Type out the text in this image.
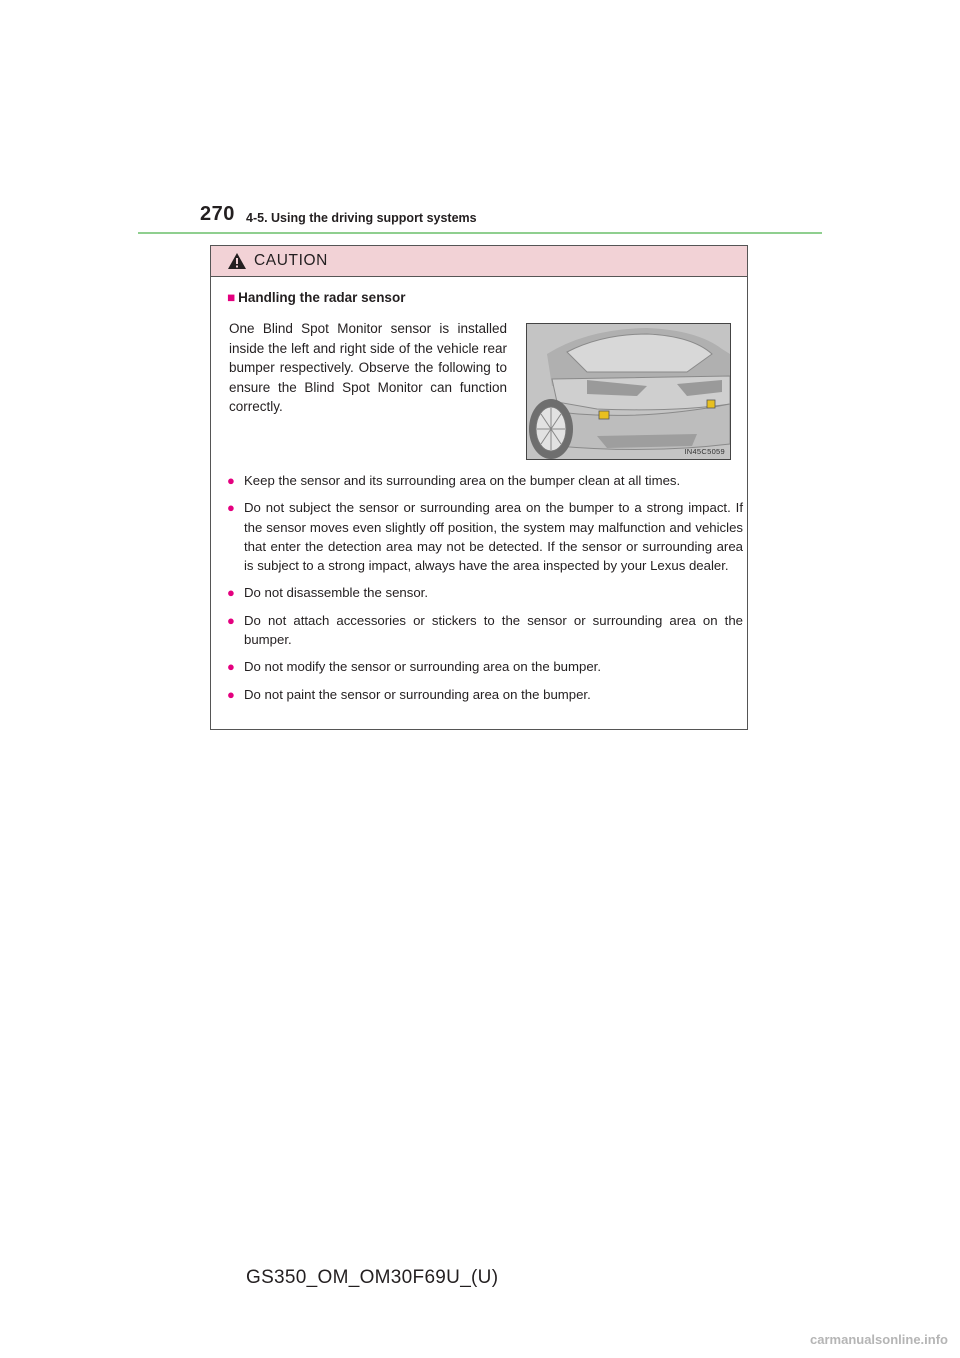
270 4-5. Using the driving support systems
CAUTION
■ Handling the radar sensor
One Blind Spot Monitor sensor is installed inside the left and right side of the vehicle rear bumper respectively. Observe the following to ensure the Blind Spot Monitor can function correctly.
IN45C5059
● Keep the sensor and its surrounding area on the bumper clean at all times.
● Do not subject the sensor or surrounding area on the bumper to a strong impact. If the sensor moves even slightly off position, the system may malfunction and vehicles that enter the detection area may not be detected. If the sensor or surrounding area is subject to a strong impact, always have the area inspected by your Lexus dealer.
● Do not disassemble the sensor.
● Do not attach accessories or stickers to the sensor or surrounding area on the bumper.
● Do not modify the sensor or surrounding area on the bumper.
● Do not paint the sensor or surrounding area on the bumper.
GS350_OM_OM30F69U_(U)
carmanualsonline.info
